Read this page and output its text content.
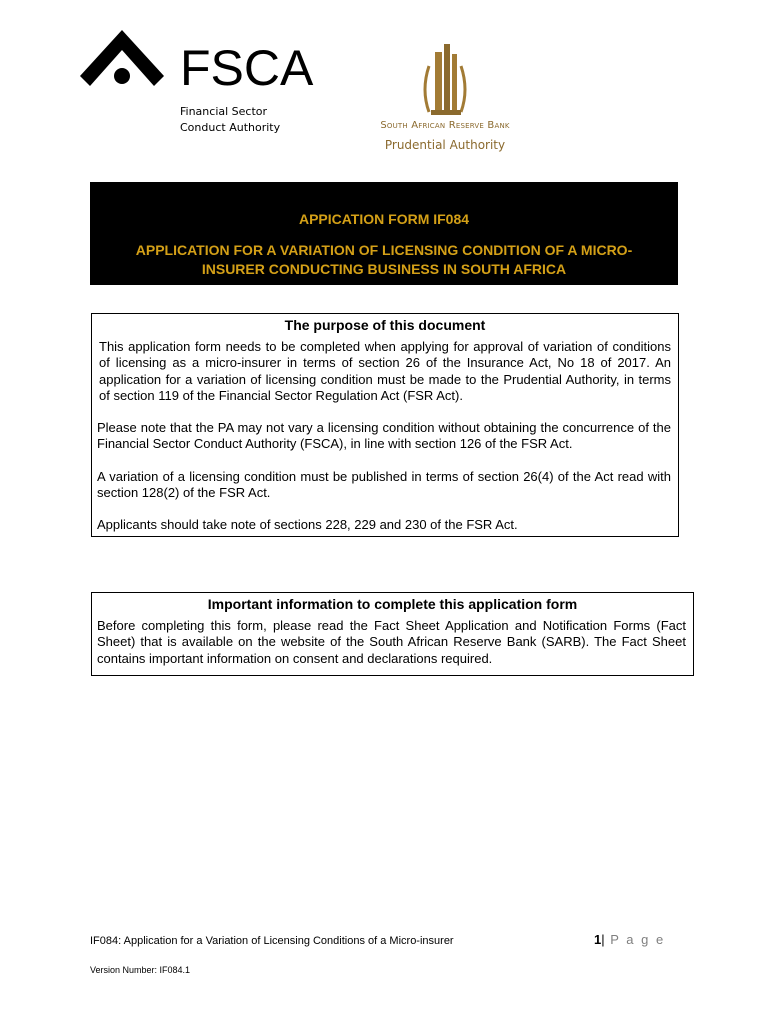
FSCA
Financial Sector
Conduct Authority	South African Reserve Bank
Prudential Authority
APPICATION FORM IF084
APPLICATION FOR A VARIATION OF LICENSING CONDITION OF A MICRO-INSURER CONDUCTING BUSINESS IN SOUTH AFRICA
The purpose of this document

This application form needs to be completed when applying for approval of variation of conditions of licensing as a micro-insurer in terms of section 26 of the Insurance Act, No 18 of 2017. An application for a variation of licensing condition must be made to the Prudential Authority, in terms of section 119 of the Financial Sector Regulation Act (FSR Act).

Please note that the PA may not vary a licensing condition without obtaining the concurrence of the Financial Sector Conduct Authority (FSCA), in line with section 126 of the FSR Act.

A variation of a licensing condition must be published in terms of section 26(4) of the Act read with section 128(2) of the FSR Act.

Applicants should take note of sections 228, 229 and 230 of the FSR Act.

Important information to complete this application form

Before completing this form, please read the Fact Sheet Application and Notification Forms (Fact Sheet) that is available on the website of the South African Reserve Bank (SARB). The Fact Sheet contains important information on consent and declarations required.

IF084: Application for a Variation of Licensing Conditions of a Micro-insurer	1| P a g e
Version Number: IF084.1
